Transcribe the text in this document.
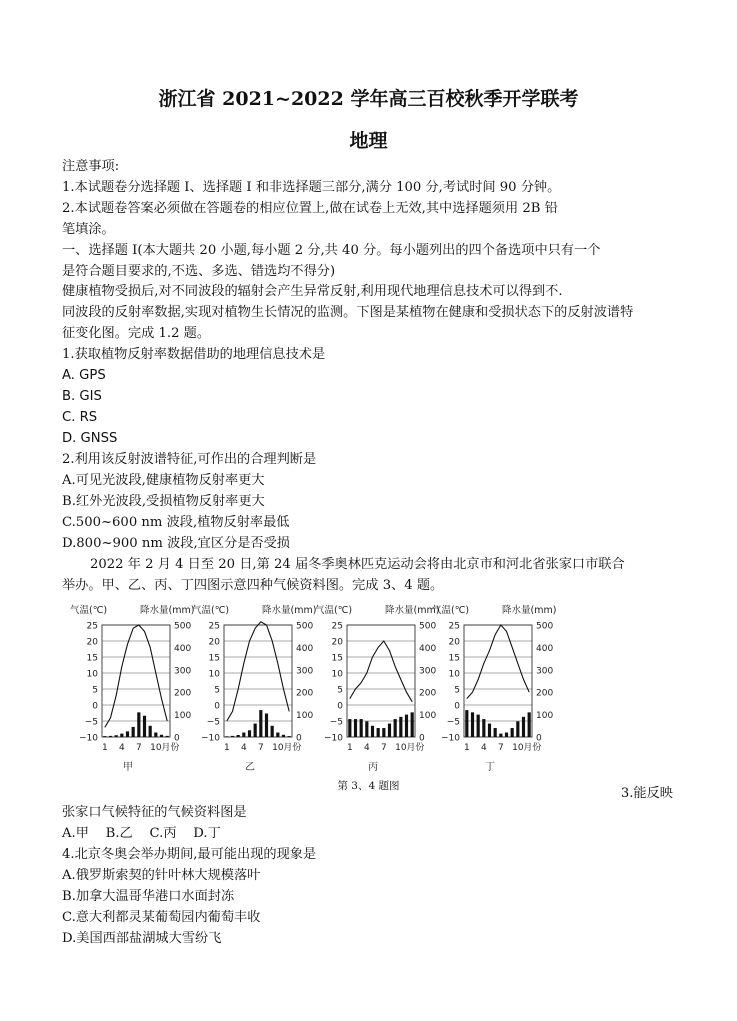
浙江省 2021~2022 学年高三百校秋季开学联考
地理
注意事项:
1.本试题卷分选择题 I、选择题 I 和非选择题三部分,满分 100 分,考试时间 90 分钟。
2.本试题卷答案必须做在答题卷的相应位置上,做在试卷上无效,其中选择题须用 2B 铅
笔填涂。
一、选择题 I(本大题共 20 小题,每小题 2 分,共 40 分。每小题列出的四个备选项中只有一个
是符合题目要求的,不选、多选、错选均不得分)
健康植物受损后,对不同波段的辐射会产生异常反射,利用现代地理信息技术可以得到不.
同波段的反射率数据,实现对植物生长情况的监测。下图是某植物在健康和受损状态下的反射波谱特
征变化图。完成 1.2 题。
1.获取植物反射率数据借助的地理信息技术是
A. GPS
B. GIS
C. RS
D. GNSS
2.利用该反射波谱特征,可作出的合理判断是
A.可见光波段,健康植物反射率更大
B.红外光波段,受损植物反射率更大
C.500~600 nm 波段,植物反射率最低
D.800~900 nm 波段,宜区分是否受损
2022 年 2 月 4 日至 20 日,第 24 届冬季奥林匹克运动会将由北京市和河北省张家口市联合
举办。甲、乙、丙、丁四图示意四种气候资料图。完成 3、4 题。
气温(℃)	降水量(mm)
25
20
15
10
5
0
−5
−10
500
400
300
200
100
0
1 4 7 10 月份
甲
气温(℃)	降水量(mm)
25
20
15
10
5
0
−5
−10
500
400
300
200
100
0
1 4 7 10 月份
乙
气温(℃)	降水量(mm)
25
20
15
10
5
0
−5
−10
500
400
300
200
100
0
1 4 7 10 月份
丙
气温(℃)	降水量(mm)
25
20
15
10
5
0
−5
−10
500
400
300
200
100
0
1 4 7 10 月份
丁
第 3、4 题图	3.能反映
张家口气候特征的气候资料图是
A.甲    B.乙    C.丙    D.丁
4.北京冬奥会举办期间,最可能出现的现象是
A.俄罗斯索契的针叶林大规模落叶
B.加拿大温哥华港口水面封冻
C.意大利都灵某葡萄园内葡萄丰收
D.美国西部盐湖城大雪纷飞
